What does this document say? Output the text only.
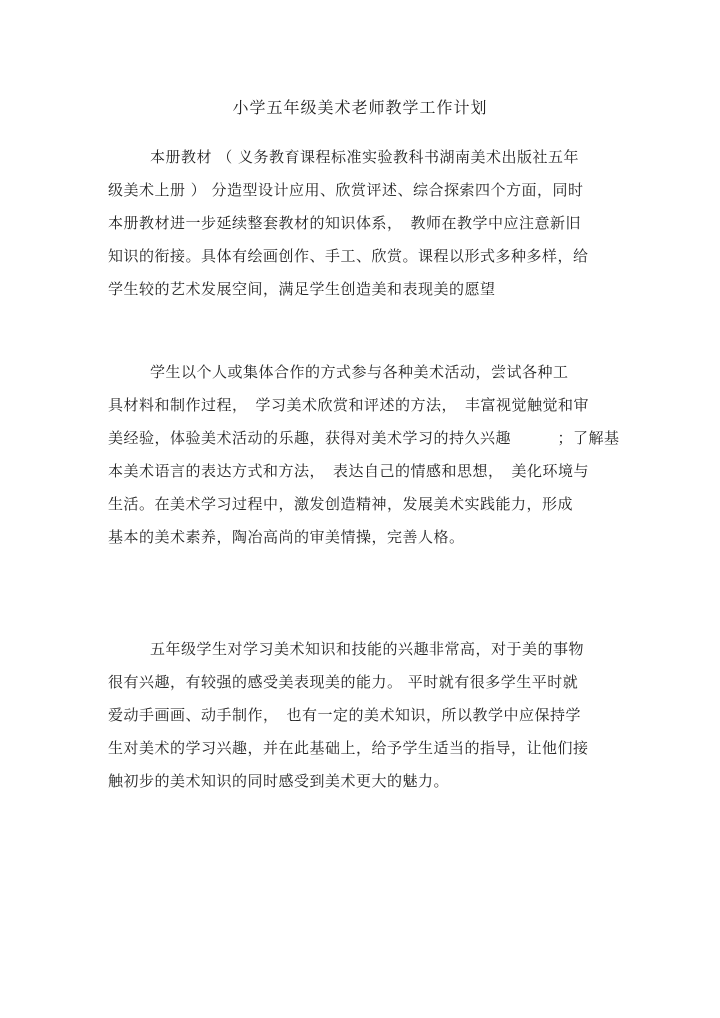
小学五年级美术老师教学工作计划
本册教材 （ 义务教育课程标准实验教科书湖南美术出版社五年
级美术上册 ） 分造型设计应用、欣赏评述、综合探索四个方面，同时
本册教材进一步延续整套教材的知识体系，　教师在教学中应注意新旧
知识的衔接。具体有绘画创作、手工、欣赏。课程以形式多种多样，给
学生较的艺术发展空间，满足学生创造美和表现美的愿望
学生以个人或集体合作的方式参与各种美术活动，尝试各种工
具材料和制作过程，　学习美术欣赏和评述的方法，　丰富视觉触觉和审
美经验，体验美术活动的乐趣，获得对美术学习的持久兴趣　　　；了解基
本美术语言的表达方式和方法，　表达自己的情感和思想，　美化环境与
生活。在美术学习过程中，激发创造精神，发展美术实践能力，形成
基本的美术素养，陶冶高尚的审美情操，完善人格。
五年级学生对学习美术知识和技能的兴趣非常高，对于美的事物
很有兴趣，有较强的感受美表现美的能力。 平时就有很多学生平时就
爱动手画画、动手制作，　也有一定的美术知识，所以教学中应保持学
生对美术的学习兴趣，并在此基础上，给予学生适当的指导，让他们接
触初步的美术知识的同时感受到美术更大的魅力。
